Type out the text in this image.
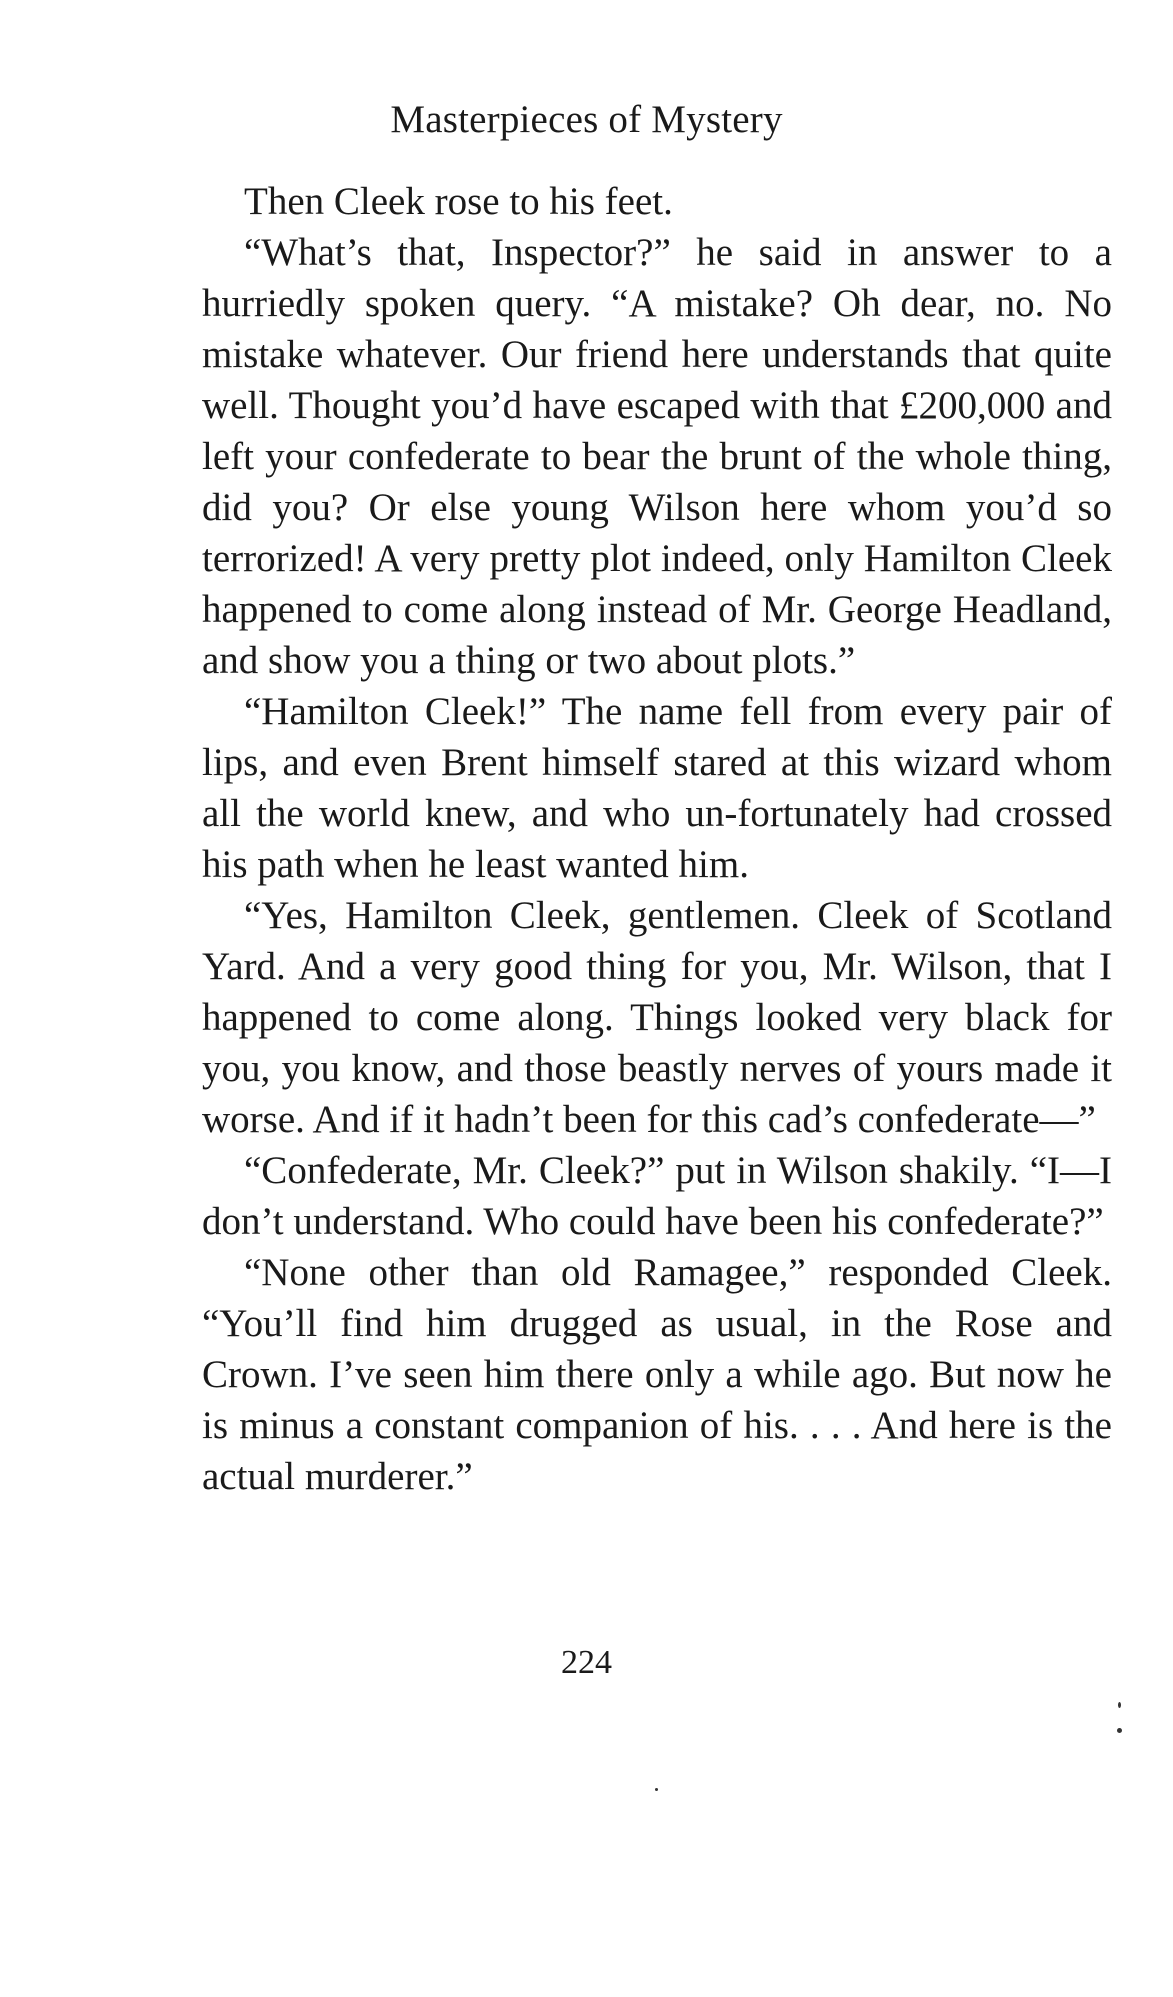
Masterpieces of Mystery

Then Cleek rose to his feet.

“What’s that, Inspector?” he said in answer to a hurriedly spoken query. “A mistake? Oh dear, no. No mistake whatever. Our friend here understands that quite well. Thought you’d have escaped with that £200,000 and left your confederate to bear the brunt of the whole thing, did you? Or else young Wilson here whom you’d so terrorized! A very pretty plot indeed, only Hamilton Cleek happened to come along instead of Mr. George Headland, and show you a thing or two about plots.”

“Hamilton Cleek!” The name fell from every pair of lips, and even Brent himself stared at this wizard whom all the world knew, and who un-fortunately had crossed his path when he least wanted him.

“Yes, Hamilton Cleek, gentlemen. Cleek of Scotland Yard. And a very good thing for you, Mr. Wilson, that I happened to come along. Things looked very black for you, you know, and those beastly nerves of yours made it worse. And if it hadn’t been for this cad’s confederate—”

“Confederate, Mr. Cleek?” put in Wilson shakily. “I—I don’t understand. Who could have been his confederate?”

“None other than old Ramagee,” responded Cleek. “You’ll find him drugged as usual, in the Rose and Crown. I’ve seen him there only a while ago. But now he is minus a constant companion of his. . . . And here is the actual murderer.”

224
